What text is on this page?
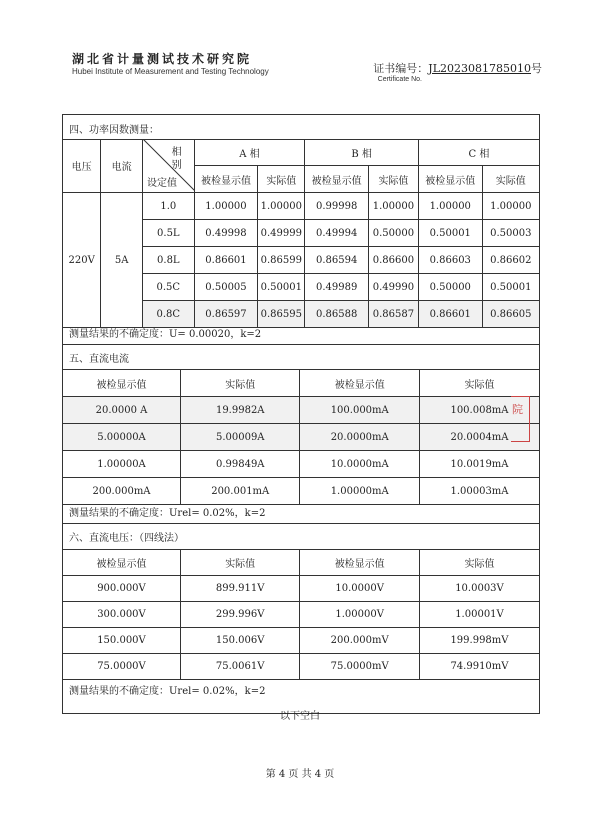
湖北省计量测试技术研究院
Hubei Institute of Measurement and Testing Technology	证书编号：JL2023081785010号
Certificate No.
四、功率因数测量：
电压	电流	相
别
设定值	A 相		B 相		C 相	
			被检显示值	实际值	被检显示值	实际值	被检显示值	实际值
220V	5A	1.0	1.00000	1.00000	0.99998	1.00000	1.00000	1.00000
		0.5L	0.49998	0.49999	0.49994	0.50000	0.50001	0.50003
		0.8L	0.86601	0.86599	0.86594	0.86600	0.86603	0.86602
		0.5C	0.50005	0.50001	0.49989	0.49990	0.50000	0.50001
		0.8C	0.86597	0.86595	0.86588	0.86587	0.86601	0.86605
测量结果的不确定度：U= 0.00020，k=2
五、直流电流
被检显示值	实际值	被检显示值	实际值
20.0000 A	19.9982A	100.000mA	100.008mA
5.00000A	5.00009A	20.0000mA	20.0004mA
1.00000A	0.99849A	10.0000mA	10.0019mA
200.000mA	200.001mA	1.00000mA	1.00003mA
测量结果的不确定度：Urel= 0.02%，k=2
六、直流电压：（四线法）
被检显示值	实际值	被检显示值	实际值
900.000V	899.911V	10.0000V	10.0003V
300.000V	299.996V	1.00000V	1.00001V
150.000V	150.006V	200.000mV	199.998mV
75.0000V	75.0061V	75.0000mV	74.9910mV
测量结果的不确定度：Urel= 0.02%，k=2
院
以下空白
第 4 页 共 4 页
